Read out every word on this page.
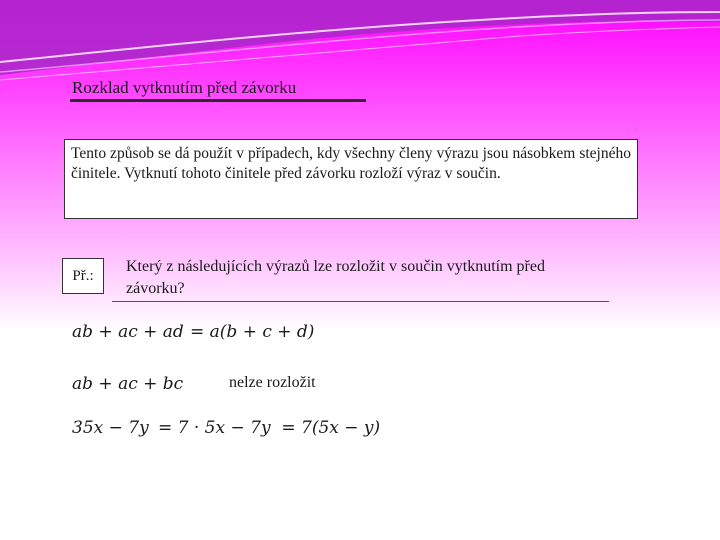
Rozklad vytknutím před závorku
Tento způsob se dá použít v případech, kdy všechny členy výrazu jsou násobkem stejného činitele. Vytknutí tohoto činitele před závorku rozloží výraz v součin.
Př.:
Který z následujících výrazů lze rozložit v součin vytknutím před závorku?
ab + ac + ad = a(b + c + d)
ab + ac + bc	nelze rozložit
35x − 7y = 7 · 5x − 7y  = 7(5x − y)
